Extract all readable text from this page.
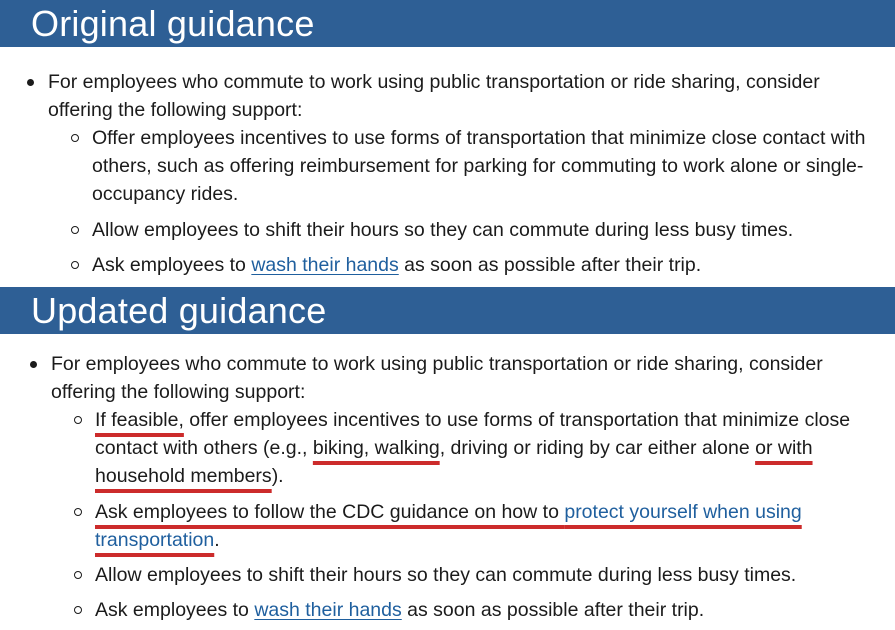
Original guidance
For employees who commute to work using public transportation or ride sharing, consider offering the following support:
Offer employees incentives to use forms of transportation that minimize close contact with others, such as offering reimbursement for parking for commuting to work alone or single-occupancy rides.
Allow employees to shift their hours so they can commute during less busy times.
Ask employees to wash their hands as soon as possible after their trip.
Updated guidance
For employees who commute to work using public transportation or ride sharing, consider offering the following support:
If feasible, offer employees incentives to use forms of transportation that minimize close contact with others (e.g., biking, walking, driving or riding by car either alone or with household members).
Ask employees to follow the CDC guidance on how to protect yourself when using transportation.
Allow employees to shift their hours so they can commute during less busy times.
Ask employees to wash their hands as soon as possible after their trip.
